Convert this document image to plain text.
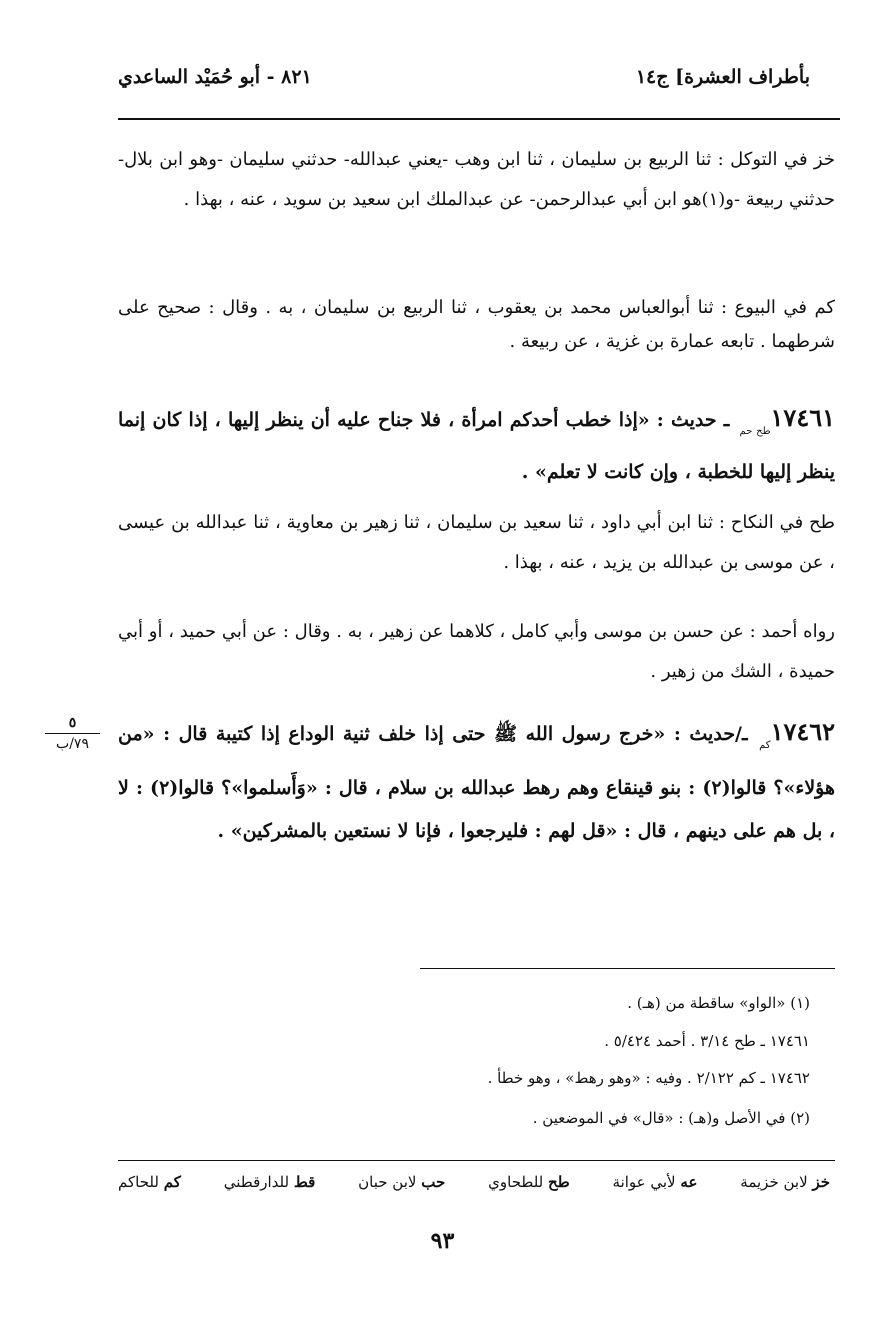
بأطراف العشرة] ج١٤
٨٢١ - أبو حُمَيْد الساعدي
خز في التوكل : ثنا الربيع بن سليمان ، ثنا ابن وهب -يعني عبدالله- حدثني سليمان -وهو ابن بلال- حدثني ربيعة -و(١)هو ابن أبي عبدالرحمن- عن عبدالملك ابن سعيد بن سويد ، عنه ، بهذا .
كم في البيوع : ثنا أبوالعباس محمد بن يعقوب ، ثنا الربيع بن سليمان ، به . وقال : صحيح على شرطهما . تابعه عمارة بن غزية ، عن ربيعة .
$١٧٤٦١_{طح حم}$ ـ حديث : «إذا خطب أحدكم امرأة ، فلا جناح عليه أن ينظر إليها ، إذا كان إنما ينظر إليها للخطبة ، وإن كانت لا تعلم» .
طح في النكاح : ثنا ابن أبي داود ، ثنا سعيد بن سليمان ، ثنا زهير بن معاوية ، ثنا عبدالله بن عيسى ، عن موسى بن عبدالله بن يزيد ، عنه ، بهذا .
رواه أحمد : عن حسن بن موسى وأبي كامل ، كلاهما عن زهير ، به . وقال : عن أبي حميد ، أو أبي حميدة ، الشك من زهير .
$١٧٤٦٢_{كم}$ ـ/حديث : «خرج رسول الله ﷺ حتى إذا خلف ثنية الوداع إذا كتيبة قال : «من هؤلاء»؟ قالوا(٢) : بنو قينقاع وهم رهط عبدالله بن سلام ، قال : «وَأَسلموا»؟ قالوا(٢) : لا ، بل هم على دينهم ، قال : «قل لهم : فليرجعوا ، فإنا لا نستعين بالمشركين» .
٥
٧٩/ب
(١) «الواو» ساقطة من (هـ) .
١٧٤٦١ ـ طح ٣/١٤ . أحمد ٥/٤٢٤ .
١٧٤٦٢ ـ كم ٢/١٢٢ . وفيه : «وهو رهط» ، وهو خطأ .
(٢) في الأصل و(هـ) : «قال» في الموضعين .
خز لابن خزيمة
عه لأبي عوانة
طح للطحاوي
حب لابن حبان
قط للدارقطني
كم للحاكم
٩٣
